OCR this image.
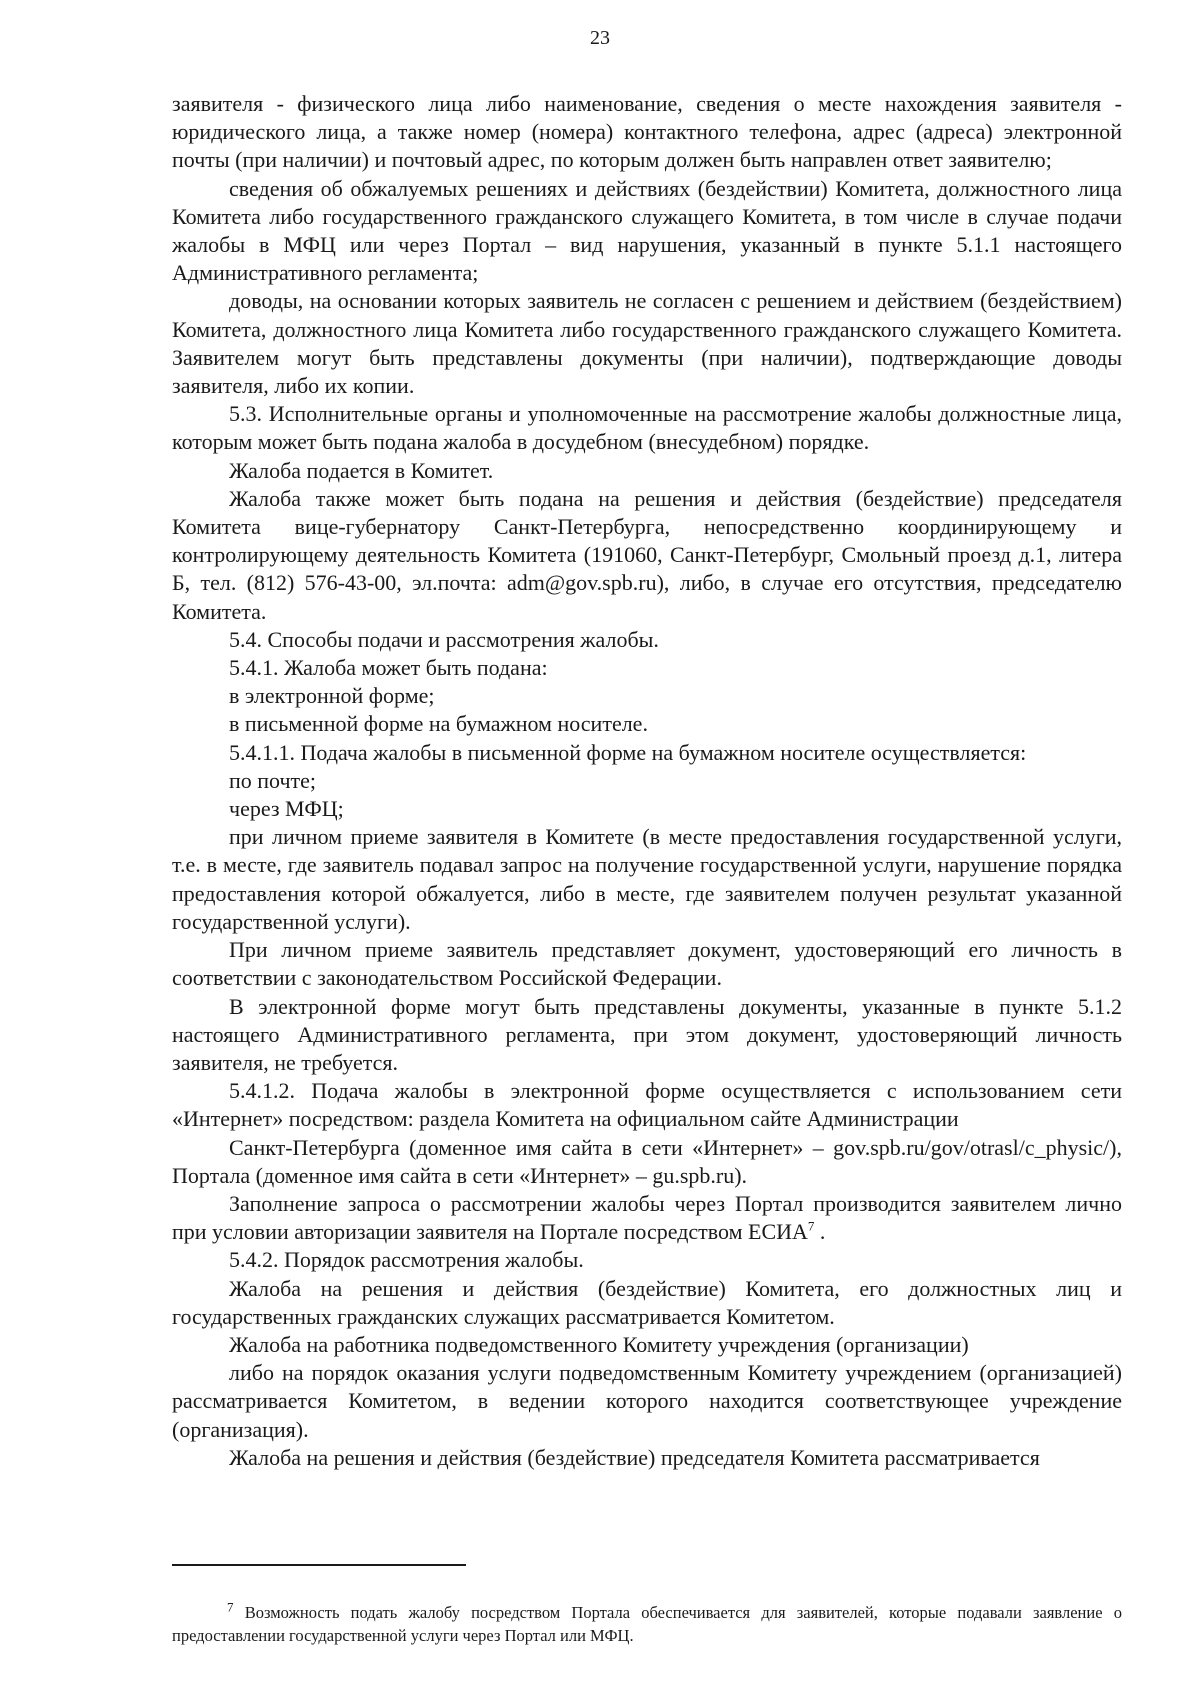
23

заявителя - физического лица либо наименование, сведения о месте нахождения заявителя - юридического лица, а также номер (номера) контактного телефона, адрес (адреса) электронной почты (при наличии) и почтовый адрес, по которым должен быть направлен ответ заявителю;

сведения об обжалуемых решениях и действиях (бездействии) Комитета, должностного лица Комитета либо государственного гражданского служащего Комитета, в том числе в случае подачи жалобы в МФЦ или через Портал – вид нарушения, указанный в пункте 5.1.1 настоящего Административного регламента;

доводы, на основании которых заявитель не согласен с решением и действием (бездействием) Комитета, должностного лица Комитета либо государственного гражданского служащего Комитета. Заявителем могут быть представлены документы (при наличии), подтверждающие доводы заявителя, либо их копии.

5.3. Исполнительные органы и уполномоченные на рассмотрение жалобы должностные лица, которым может быть подана жалоба в досудебном (внесудебном) порядке.

Жалоба подается в Комитет.

Жалоба также может быть подана на решения и действия (бездействие) председателя Комитета вице-губернатору Санкт-Петербурга, непосредственно координирующему и контролирующему деятельность Комитета (191060, Санкт-Петербург, Смольный проезд д.1, литера Б, тел. (812) 576-43-00, эл.почта: adm@gov.spb.ru), либо, в случае его отсутствия, председателю Комитета.

5.4. Способы подачи и рассмотрения жалобы.

5.4.1. Жалоба может быть подана:

в электронной форме;

в письменной форме на бумажном носителе.

5.4.1.1. Подача жалобы в письменной форме на бумажном носителе осуществляется:

по почте;

через МФЦ;

при личном приеме заявителя в Комитете (в месте предоставления государственной услуги, т.е. в месте, где заявитель подавал запрос на получение государственной услуги, нарушение порядка предоставления которой обжалуется, либо в месте, где заявителем получен результат указанной государственной услуги).

При личном приеме заявитель представляет документ, удостоверяющий его личность в соответствии с законодательством Российской Федерации.

В электронной форме могут быть представлены документы, указанные в пункте 5.1.2 настоящего Административного регламента, при этом документ, удостоверяющий личность заявителя, не требуется.

5.4.1.2. Подача жалобы в электронной форме осуществляется с использованием сети «Интернет» посредством: раздела Комитета на официальном сайте Администрации

Санкт-Петербурга (доменное имя сайта в сети «Интернет» – gov.spb.ru/gov/otrasl/c_physic/), Портала (доменное имя сайта в сети «Интернет» – gu.spb.ru).

Заполнение запроса о рассмотрении жалобы через Портал производится заявителем лично при условии авторизации заявителя на Портале посредством ЕСИА$^7$ .

5.4.2. Порядок рассмотрения жалобы.

Жалоба на решения и действия (бездействие) Комитета, его должностных лиц и государственных гражданских служащих рассматривается Комитетом.

Жалоба на работника подведомственного Комитету учреждения (организации)

либо на порядок оказания услуги подведомственным Комитету учреждением (организацией) рассматривается Комитетом, в ведении которого находится соответствующее учреждение (организация).

Жалоба на решения и действия (бездействие) председателя Комитета рассматривается

$^7$ Возможность подать жалобу посредством Портала обеспечивается для заявителей, которые подавали заявление о предоставлении государственной услуги через Портал или МФЦ.
